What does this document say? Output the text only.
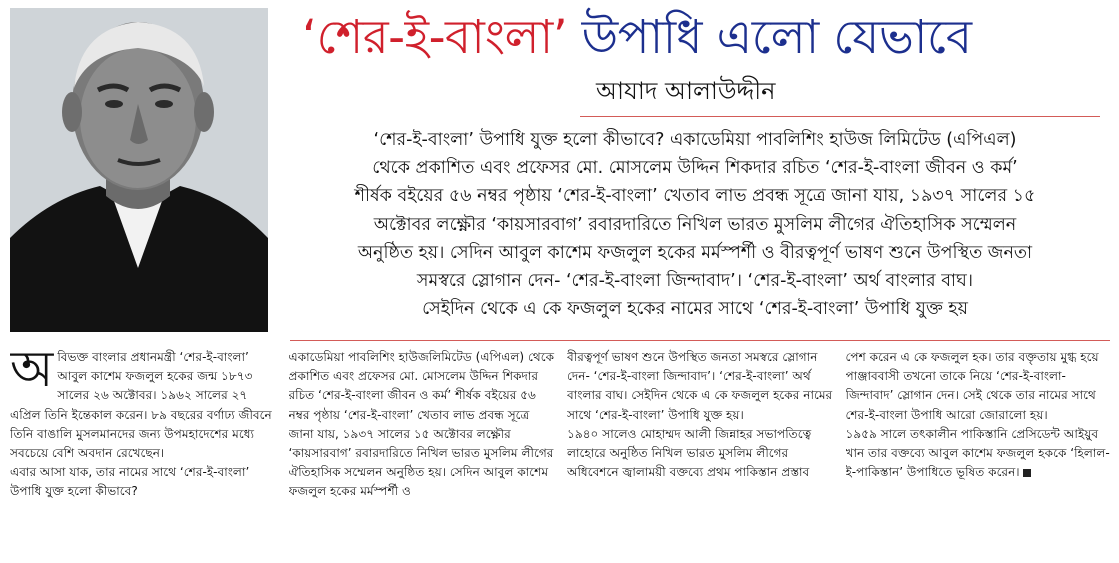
‘শের-ই-বাংলা’ উপাধি এলো যেভাবে
আযাদ আলাউদ্দীন

‘শের-ই-বাংলা’ উপাধি যুক্ত হলো কীভাবে? একাডেমিয়া পাবলিশিং হাউজ লিমিটেড (এপিএল)

থেকে প্রকাশিত এবং প্রফেসর মো. মোসলেম উদ্দিন শিকদার রচিত ‘শের-ই-বাংলা জীবন ও কর্ম’

শীর্ষক বইয়ের ৫৬ নম্বর পৃষ্ঠায় ‘শের-ই-বাংলা’ খেতাব লাভ প্রবন্ধ সূত্রে জানা যায়, ১৯৩৭ সালের ১৫

অক্টোবর লক্ষ্ণৌর ‘কায়সারবাগ’ রবারদারিতে নিখিল ভারত মুসলিম লীগের ঐতিহাসিক সম্মেলন

অনুষ্ঠিত হয়। সেদিন আবুল কাশেম ফজলুল হকের মর্মস্পর্শী ও বীরত্বপূর্ণ ভাষণ শুনে উপস্থিত জনতা

সমস্বরে স্লোগান দেন- ‘শের-ই-বাংলা জিন্দাবাদ’। ‘শের-ই-বাংলা’ অর্থ বাংলার বাঘ।

সেইদিন থেকে এ কে ফজলুল হকের নামের সাথে ‘শের-ই-বাংলা’ উপাধি যুক্ত হয়

অ বিভক্ত বাংলার প্রধানমন্ত্রী ‘শের-ই-বাংলা’ আবুল কাশেম ফজলুল হকের জন্ম ১৮৭৩ সালের ২৬ অক্টোবর। ১৯৬২ সালের ২৭ এপ্রিল তিনি ইন্তেকাল করেন। ৮৯ বছরের বর্ণাঢ্য জীবনে তিনি বাঙালি মুসলমানদের জন্য উপমহাদেশের মধ্যে সবচেয়ে বেশি অবদান রেখেছেন।

এবার আসা যাক, তার নামের সাথে ‘শের-ই-বাংলা’ উপাধি যুক্ত হলো কীভাবে?

একাডেমিয়া পাবলিশিং হাউজলিমিটেড (এপিএল) থেকে প্রকাশিত এবং প্রফেসর মো. মোসলেম উদ্দিন শিকদার রচিত ‘শের-ই-বাংলা জীবন ও কর্ম’ শীর্ষক বইয়ের ৫৬ নম্বর পৃষ্ঠায় ‘শের-ই-বাংলা’ খেতাব লাভ প্রবন্ধ সূত্রে জানা যায়, ১৯৩৭ সালের ১৫ অক্টোবর লক্ষ্ণৌর ‘কায়সারবাগ’ রবারদারিতে নিখিল ভারত মুসলিম লীগের ঐতিহাসিক সম্মেলন অনুষ্ঠিত হয়। সেদিন আবুল কাশেম ফজলুল হকের মর্মস্পর্শী ও

বীরত্বপূর্ণ ভাষণ শুনে উপস্থিত জনতা সমস্বরে স্লোগান দেন- ‘শের-ই-বাংলা জিন্দাবাদ’। ‘শের-ই-বাংলা’ অর্থ বাংলার বাঘ। সেইদিন থেকে এ কে ফজলুল হকের নামের সাথে ‘শের-ই-বাংলা’ উপাধি যুক্ত হয়।

১৯৪০ সালেও মোহাম্মদ আলী জিন্নাহর সভাপতিত্বে লাহোরে অনুষ্ঠিত নিখিল ভারত মুসলিম লীগের অধিবেশনে জ্বালাময়ী বক্তব্যে প্রথম পাকিস্তান প্রস্তাব

পেশ করেন এ কে ফজলুল হক। তার বক্তৃতায় মুগ্ধ হয়ে পাঞ্জাববাসী তখনো তাকে নিয়ে ‘শের-ই-বাংলা-জিন্দাবাদ’ স্লোগান দেন। সেই থেকে তার নামের সাথে শের-ই-বাংলা উপাধি আরো জোরালো হয়।

১৯৫৯ সালে তৎকালীন পাকিস্তানি প্রেসিডেন্ট আইয়ুব খান তার বক্তব্যে আবুল কাশেম ফজলুল হককে ‘হিলাল-ই-পাকিস্তান’ উপাধিতে ভূষিত করেন।
